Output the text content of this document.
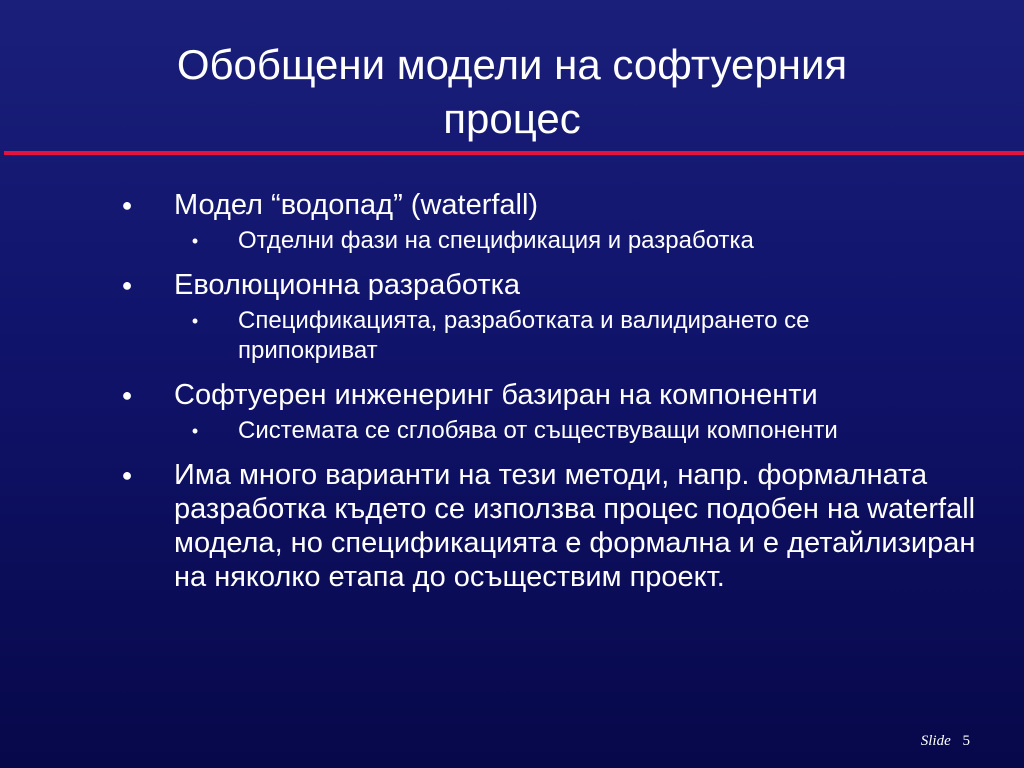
Обобщени модели на софтуерния
процес
● Модел “водопад” (waterfall)
• Отделни фази на спецификация и разработка
● Еволюционна разработка
• Спецификацията, разработката и валидирането се припокриват
● Софтуерен инженеринг базиран на компоненти
• Системата се сглобява от съществуващи компоненти
● Има много варианти на тези методи, напр. формалната разработка където се използва процес подобен на waterfall модела, но спецификацията е формална и е детайлизиран на няколко етапа до осъществим проект.
Slide 5
